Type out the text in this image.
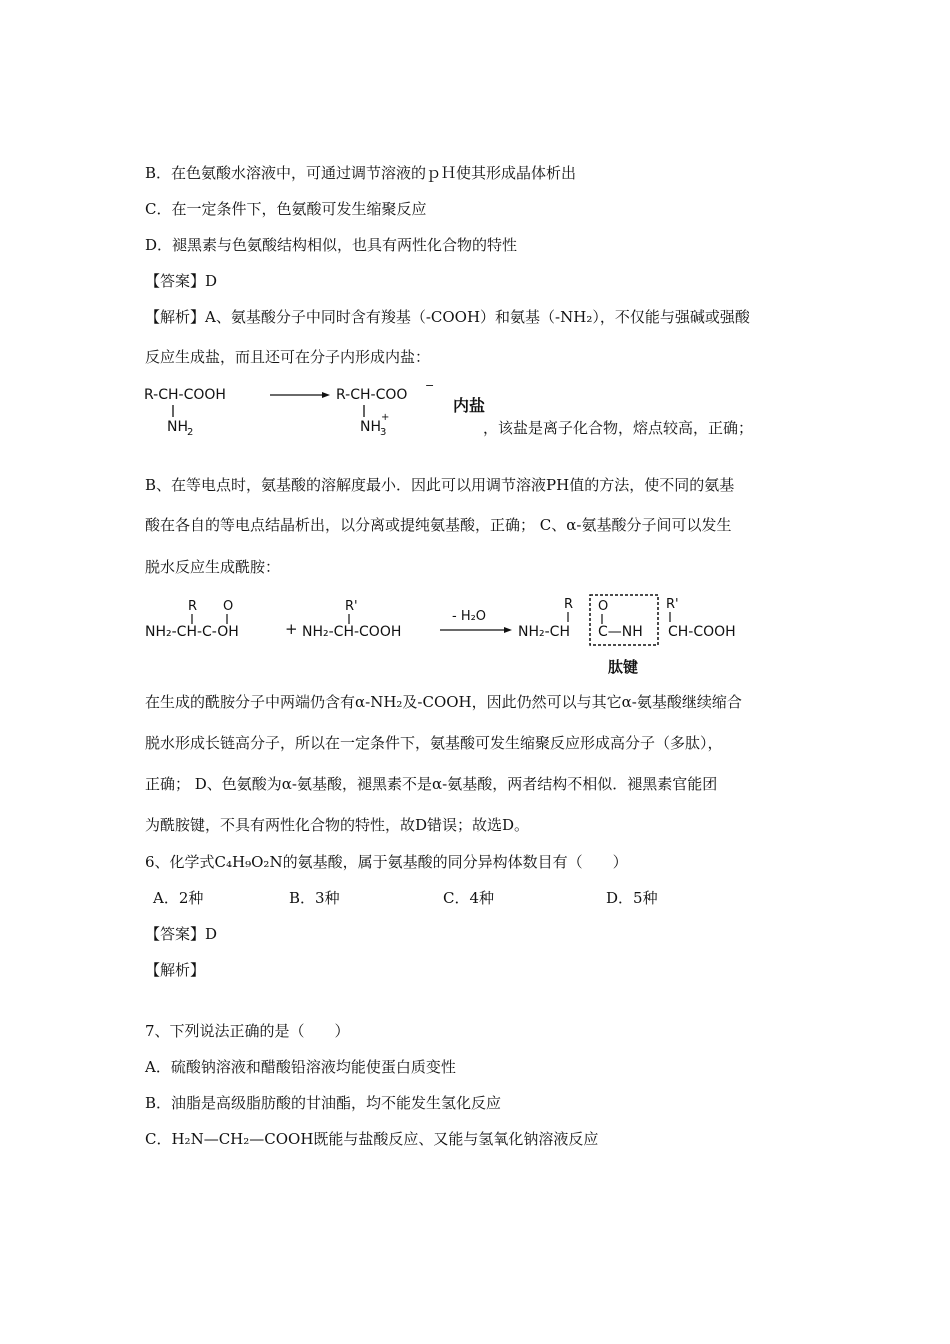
B．在色氨酸水溶液中，可通过调节溶液的ｐＨ使其形成晶体析出
C．在一定条件下，色氨酸可发生缩聚反应
D．褪黑素与色氨酸结构相似，也具有两性化合物的特性
【答案】D
【解析】A、氨基酸分子中同时含有羧基（-COOH）和氨基（-NH₂），不仅能与强碱或强酸
反应生成盐，而且还可在分子内形成内盐：
R-CH-COOH
NH 2
R-CH-COO
−
NH 3
+
内盐
，该盐是离子化合物，熔点较高，正确；
B、在等电点时，氨基酸的溶解度最小．因此可以用调节溶液PH值的方法，使不同的氨基
酸在各自的等电点结晶析出，以分离或提纯氨基酸，正确； C、α-氨基酸分子间可以发生
脱水反应生成酰胺：
R O
NH₂-CH-C-OH	+
R'
NH₂-CH-COOH
- H₂O
R O	R'
NH₂-CH C—NH CH-COOH
肽键
在生成的酰胺分子中两端仍含有α-NH₂及-COOH，因此仍然可以与其它α-氨基酸继续缩合
脱水形成长链高分子，所以在一定条件下，氨基酸可发生缩聚反应形成高分子（多肽），
正确； D、色氨酸为α-氨基酸，褪黑素不是α-氨基酸，两者结构不相似．褪黑素官能团
为酰胺键，不具有两性化合物的特性，故D错误；故选D。
6、化学式C₄H₉O₂N的氨基酸，属于氨基酸的同分异构体数目有（　　）
A．2种	B．3种	C．4种	D．5种
【答案】D
【解析】
7、下列说法正确的是（　　）
A．硫酸钠溶液和醋酸铅溶液均能使蛋白质变性
B．油脂是高级脂肪酸的甘油酯，均不能发生氢化反应
C．H₂N—CH₂—COOH既能与盐酸反应、又能与氢氧化钠溶液反应
